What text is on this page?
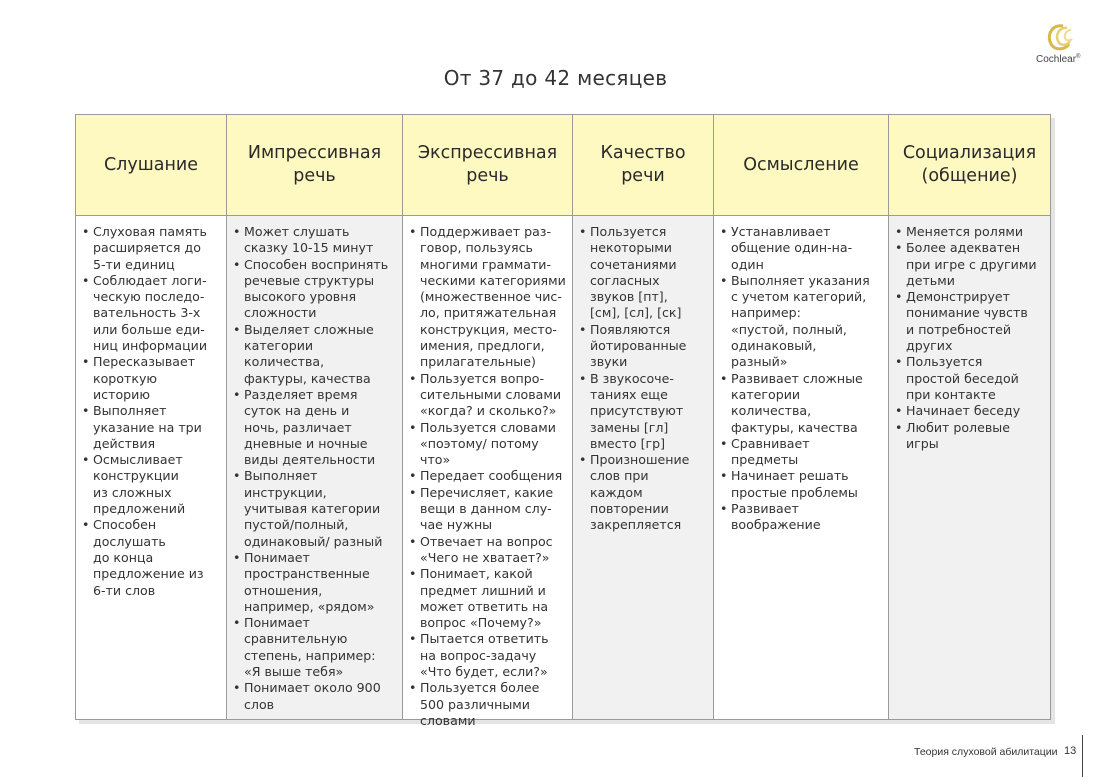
Cochlear®
От 37 до 42 месяцев
Слушание
• Слуховая память
расширяется до
5-ти единиц
• Соблюдает логи-
ческую последо-
вательность 3-х
или больше еди-
ниц информации
• Пересказывает
короткую
историю
• Выполняет
указание на три
действия
• Осмысливает
конструкции
из сложных
предложений
• Способен
дослушать
до конца
предложение из
6-ти слов
Импрессивная
речь
• Может слушать
сказку 10-15 минут
• Способен воспринять
речевые структуры
высокого уровня
сложности
• Выделяет сложные
категории
количества,
фактуры, качества
• Разделяет время
суток на день и
ночь, различает
дневные и ночные
виды деятельности
• Выполняет
инструкции,
учитывая категории
пустой/полный,
одинаковый/ разный
• Понимает
пространственные
отношения,
например, «рядом»
• Понимает
сравнительную
степень, например:
«Я выше тебя»
• Понимает около 900
слов
Экспрессивная
речь
• Поддерживает раз-
говор, пользуясь
многими граммати-
ческими категориями
(множественное чис-
ло, притяжательная
конструкция, место-
имения, предлоги,
прилагательные)
• Пользуется вопро-
сительными словами
«когда? и сколько?»
• Пользуется словами
«поэтому/ потому
что»
• Передает сообщения
• Перечисляет, какие
вещи в данном слу-
чае нужны
• Отвечает на вопрос
«Чего не хватает?»
• Понимает, какой
предмет лишний и
может ответить на
вопрос «Почему?»
• Пытается ответить
на вопрос-задачу
«Что будет, если?»
• Пользуется более
500 различными
словами
Качество
речи
• Пользуется
некоторыми
сочетаниями
согласных
звуков [пт],
[см], [сл], [ск]
• Появляются
йотированные
звуки
• В звукосоче-
таниях еще
присутствуют
замены [гл]
вместо [гр]
• Произношение
слов при
каждом
повторении
закрепляется
Осмысление
• Устанавливает
общение один-на-
один
• Выполняет указания
с учетом категорий,
например:
«пустой, полный,
одинаковый,
разный»
• Развивает сложные
категории
количества,
фактуры, качества
• Сравнивает
предметы
• Начинает решать
простые проблемы
• Развивает
воображение
Социализация
(общение)
• Меняется ролями
• Более адекватен
при игре с другими
детьми
• Демонстрирует
понимание чувств
и потребностей
других
• Пользуется
простой беседой
при контакте
• Начинает беседу
• Любит ролевые
игры
Теория слуховой абилитации 13
